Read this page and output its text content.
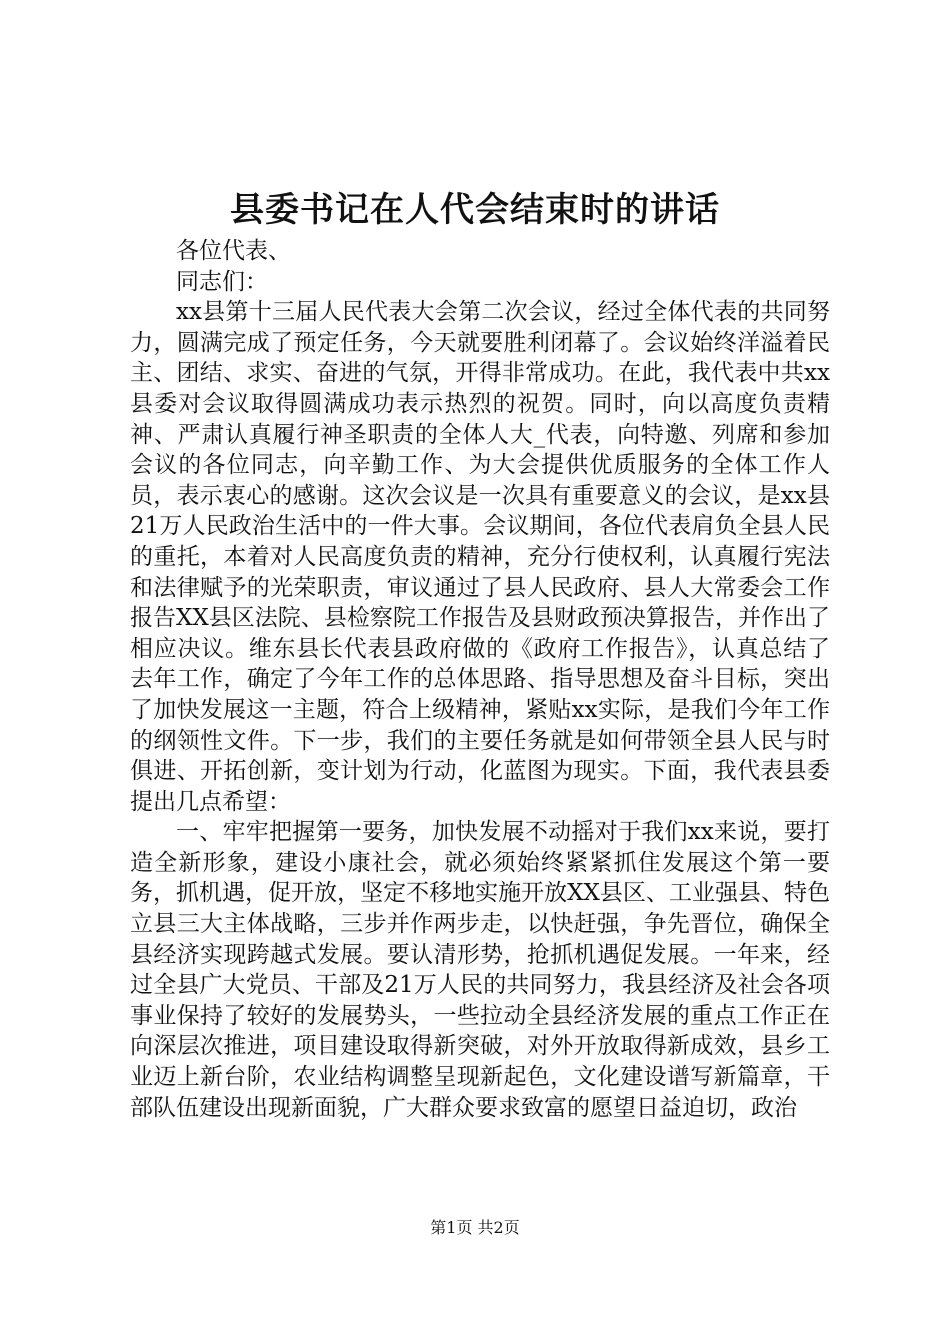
县委书记在人代会结束时的讲话

各位代表、

同志们：

xx县第十三届人民代表大会第二次会议，经过全体代表的共同努力，圆满完成了预定任务，今天就要胜利闭幕了。会议始终洋溢着民主、团结、求实、奋进的气氛，开得非常成功。在此，我代表中共xx县委对会议取得圆满成功表示热烈的祝贺。同时，向以高度负责精神、严肃认真履行神圣职责的全体人大_代表，向特邀、列席和参加会议的各位同志，向辛勤工作、为大会提供优质服务的全体工作人员，表示衷心的感谢。这次会议是一次具有重要意义的会议，是xx县21万人民政治生活中的一件大事。会议期间，各位代表肩负全县人民的重托，本着对人民高度负责的精神，充分行使权利，认真履行宪法和法律赋予的光荣职责，审议通过了县人民政府、县人大常委会工作报告XX县区法院、县检察院工作报告及县财政预决算报告，并作出了相应决议。维东县长代表县政府做的《政府工作报告》，认真总结了去年工作，确定了今年工作的总体思路、指导思想及奋斗目标，突出了加快发展这一主题，符合上级精神，紧贴xx实际，是我们今年工作的纲领性文件。下一步，我们的主要任务就是如何带领全县人民与时俱进、开拓创新，变计划为行动，化蓝图为现实。下面，我代表县委提出几点希望：

一、牢牢把握第一要务，加快发展不动摇对于我们xx来说，要打造全新形象，建设小康社会，就必须始终紧紧抓住发展这个第一要务，抓机遇，促开放，坚定不移地实施开放XX县区、工业强县、特色立县三大主体战略，三步并作两步走，以快赶强，争先晋位，确保全县经济实现跨越式发展。要认清形势，抢抓机遇促发展。一年来，经过全县广大党员、干部及21万人民的共同努力，我县经济及社会各项事业保持了较好的发展势头，一些拉动全县经济发展的重点工作正在向深层次推进，项目建设取得新突破，对外开放取得新成效，县乡工业迈上新台阶，农业结构调整呈现新起色，文化建设谱写新篇章，干部队伍建设出现新面貌，广大群众要求致富的愿望日益迫切，政治

第1页 共2页
